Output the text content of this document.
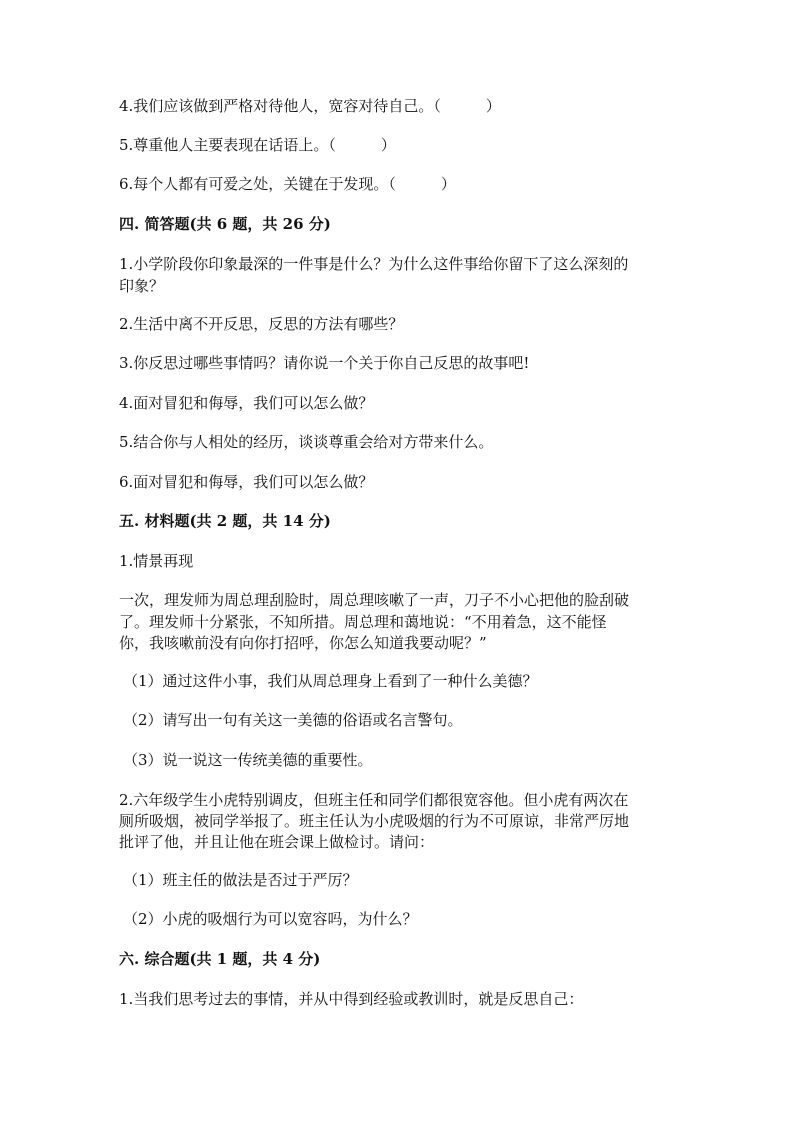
4.我们应该做到严格对待他人，宽容对待自己。（　　　）
5.尊重他人主要表现在话语上。（　　　）
6.每个人都有可爱之处，关键在于发现。（　　　）
四. 简答题(共 6 题，共 26 分)
1.小学阶段你印象最深的一件事是什么？为什么这件事给你留下了这么深刻的
印象？
2.生活中离不开反思，反思的方法有哪些？
3.你反思过哪些事情吗？请你说一个关于你自己反思的故事吧!
4.面对冒犯和侮辱，我们可以怎么做？
5.结合你与人相处的经历，谈谈尊重会给对方带来什么。
6.面对冒犯和侮辱，我们可以怎么做？
五. 材料题(共 2 题，共 14 分)
1.情景再现
一次，理发师为周总理刮脸时，周总理咳嗽了一声，刀子不小心把他的脸刮破
了。理发师十分紧张，不知所措。周总理和蔼地说：“不用着急，这不能怪
你，我咳嗽前没有向你打招呼，你怎么知道我要动呢？”
（1）通过这件小事，我们从周总理身上看到了一种什么美德？
（2）请写出一句有关这一美德的俗语或名言警句。
（3）说一说这一传统美德的重要性。
2.六年级学生小虎特别调皮，但班主任和同学们都很宽容他。但小虎有两次在
厕所吸烟，被同学举报了。班主任认为小虎吸烟的行为不可原谅，非常严厉地
批评了他，并且让他在班会课上做检讨。请问：
（1）班主任的做法是否过于严厉？
（2）小虎的吸烟行为可以宽容吗，为什么？
六. 综合题(共 1 题，共 4 分)
1.当我们思考过去的事情，并从中得到经验或教训时，就是反思自己：
